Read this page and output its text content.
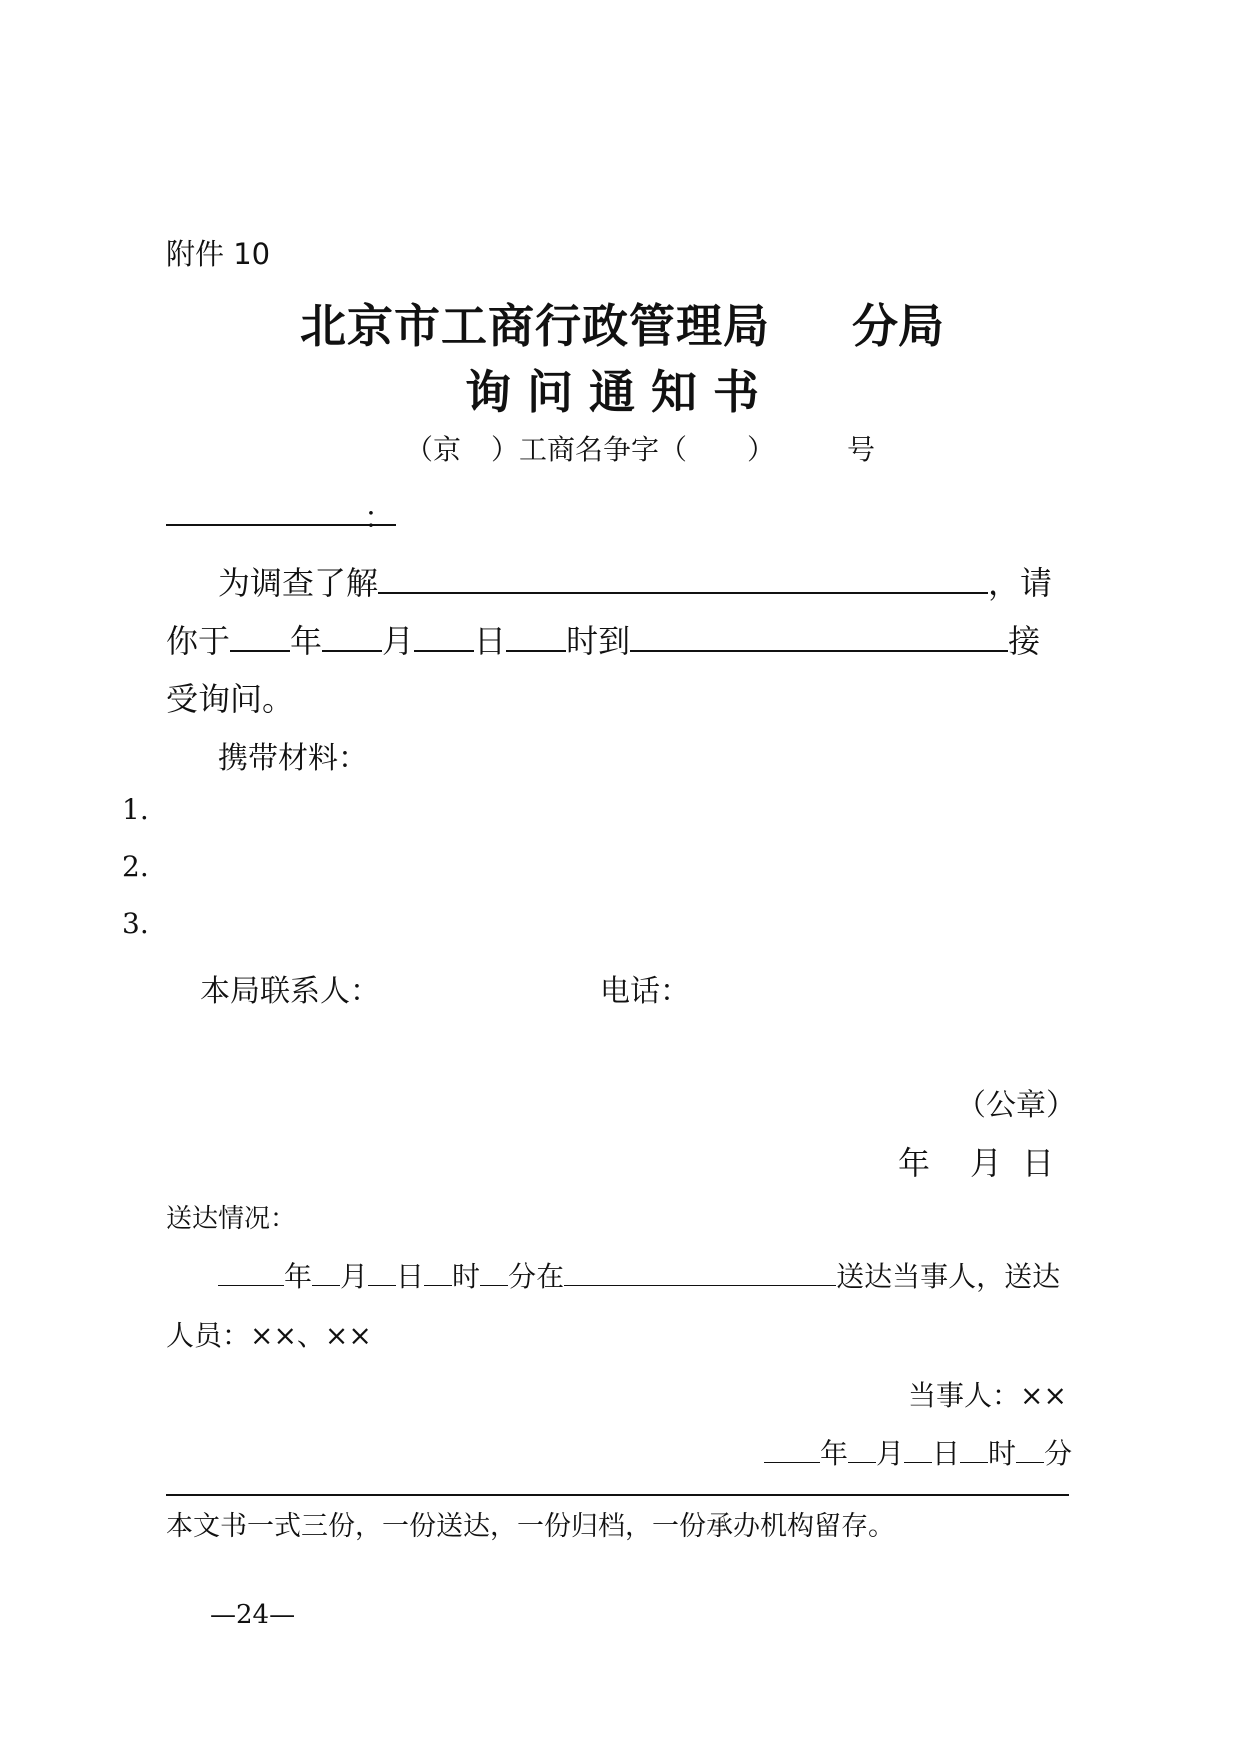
附件 10
北京市工商行政管理局 分局
询 问 通 知 书
（京 ）工商名争字（ ）	号
：
为调查了解	，请
你于 年 月 日 时到	接
受询问。
携带材料：
1.
2.
3.
本局联系人：	电话：
（公章）
年 月 日
送达情况：
年 月 日 时 分在	送达当事人，送达
人员：××、××
当事人：××
年 月 日 时 分
本文书一式三份，一份送达，一份归档，一份承办机构留存。
—24—
